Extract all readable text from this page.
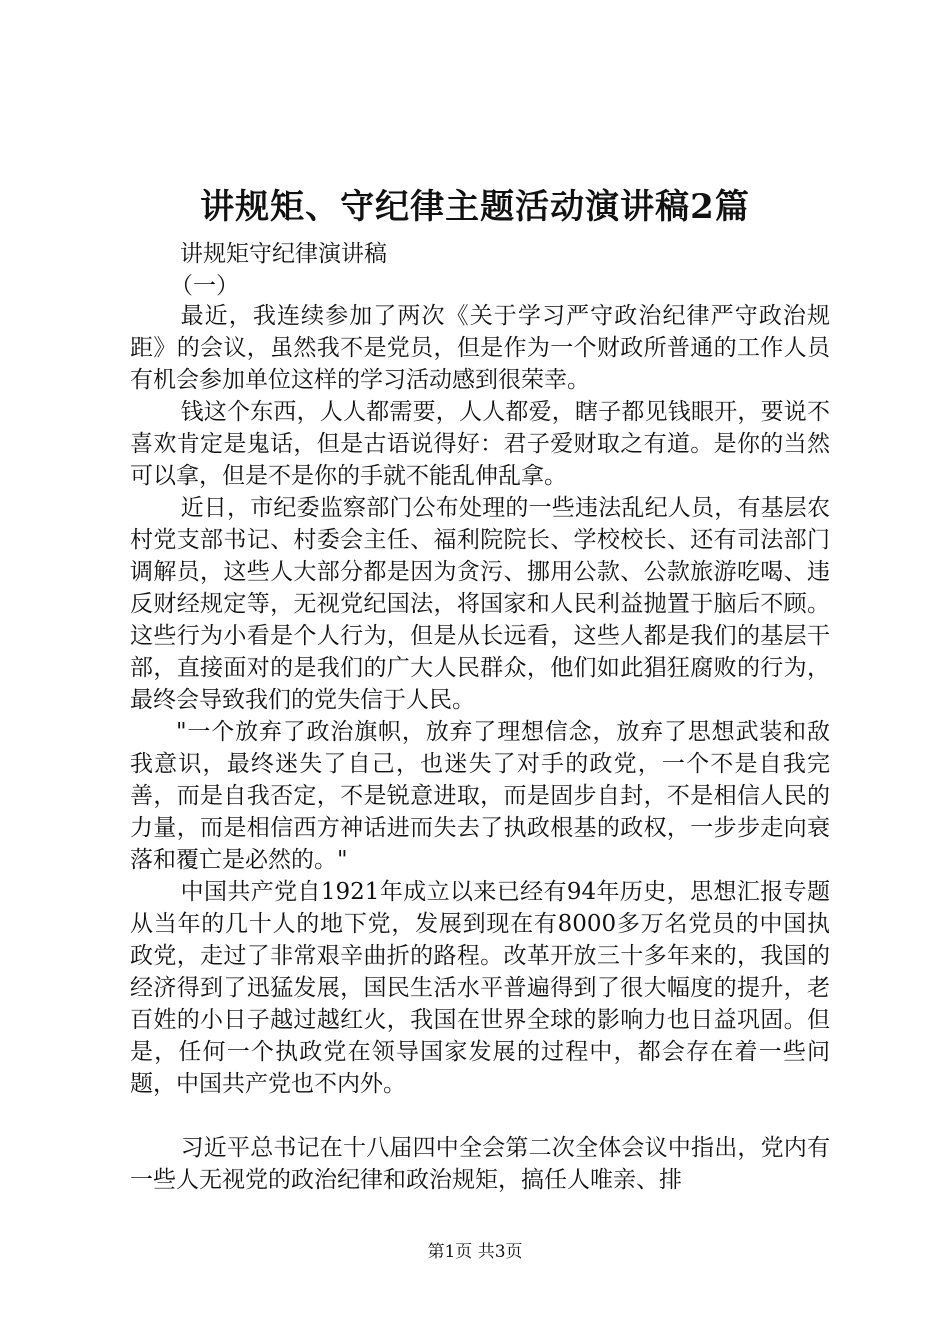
讲规矩、守纪律主题活动演讲稿2篇
讲规矩守纪律演讲稿
（一）

最近，我连续参加了两次《关于学习严守政治纪律严守政治规距》的会议，虽然我不是党员，但是作为一个财政所普通的工作人员有机会参加单位这样的学习活动感到很荣幸。

钱这个东西，人人都需要，人人都爱，瞎子都见钱眼开，要说不喜欢肯定是鬼话，但是古语说得好：君子爱财取之有道。是你的当然可以拿，但是不是你的手就不能乱伸乱拿。

近日，市纪委监察部门公布处理的一些违法乱纪人员，有基层农村党支部书记、村委会主任、福利院院长、学校校长、还有司法部门调解员，这些人大部分都是因为贪污、挪用公款、公款旅游吃喝、违反财经规定等，无视党纪国法，将国家和人民利益抛置于脑后不顾。这些行为小看是个人行为，但是从长远看，这些人都是我们的基层干部，直接面对的是我们的广大人民群众，他们如此猖狂腐败的行为，最终会导致我们的党失信于人民。

"一个放弃了政治旗帜，放弃了理想信念，放弃了思想武装和敌我意识，最终迷失了自己，也迷失了对手的政党，一个不是自我完善，而是自我否定，不是锐意进取，而是固步自封，不是相信人民的力量，而是相信西方神话进而失去了执政根基的政权，一步步走向衰落和覆亡是必然的。"

中国共产党自1921年成立以来已经有94年历史，思想汇报专题从当年的几十人的地下党，发展到现在有8000多万名党员的中国执政党，走过了非常艰辛曲折的路程。改革开放三十多年来的，我国的经济得到了迅猛发展，国民生活水平普遍得到了很大幅度的提升，老百姓的小日子越过越红火，我国在世界全球的影响力也日益巩固。但是，任何一个执政党在领导国家发展的过程中，都会存在着一些问题，中国共产党也不内外。

习近平总书记在十八届四中全会第二次全体会议中指出，党内有一些人无视党的政治纪律和政治规矩，搞任人唯亲、排

第1页 共3页
